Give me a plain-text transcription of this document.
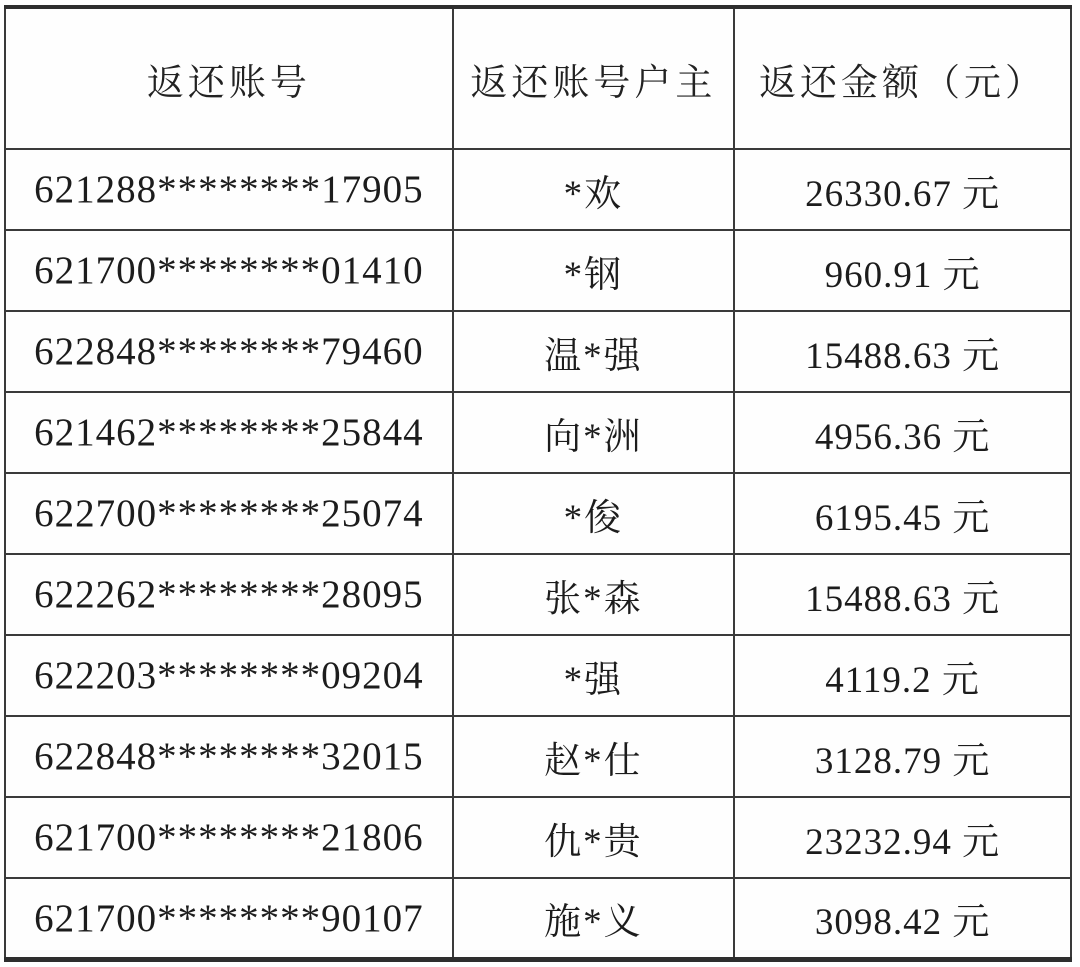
返还账号	返还账号户主	返还金额（元）
621288********17905	*欢	26330.67 元
621700********01410	*钢	960.91 元
622848********79460	温*强	15488.63 元
621462********25844	向*洲	4956.36 元
622700********25074	*俊	6195.45 元
622262********28095	张*森	15488.63 元
622203********09204	*强	4119.2 元
622848********32015	赵*仕	3128.79 元
621700********21806	仇*贵	23232.94 元
621700********90107	施*义	3098.42 元
